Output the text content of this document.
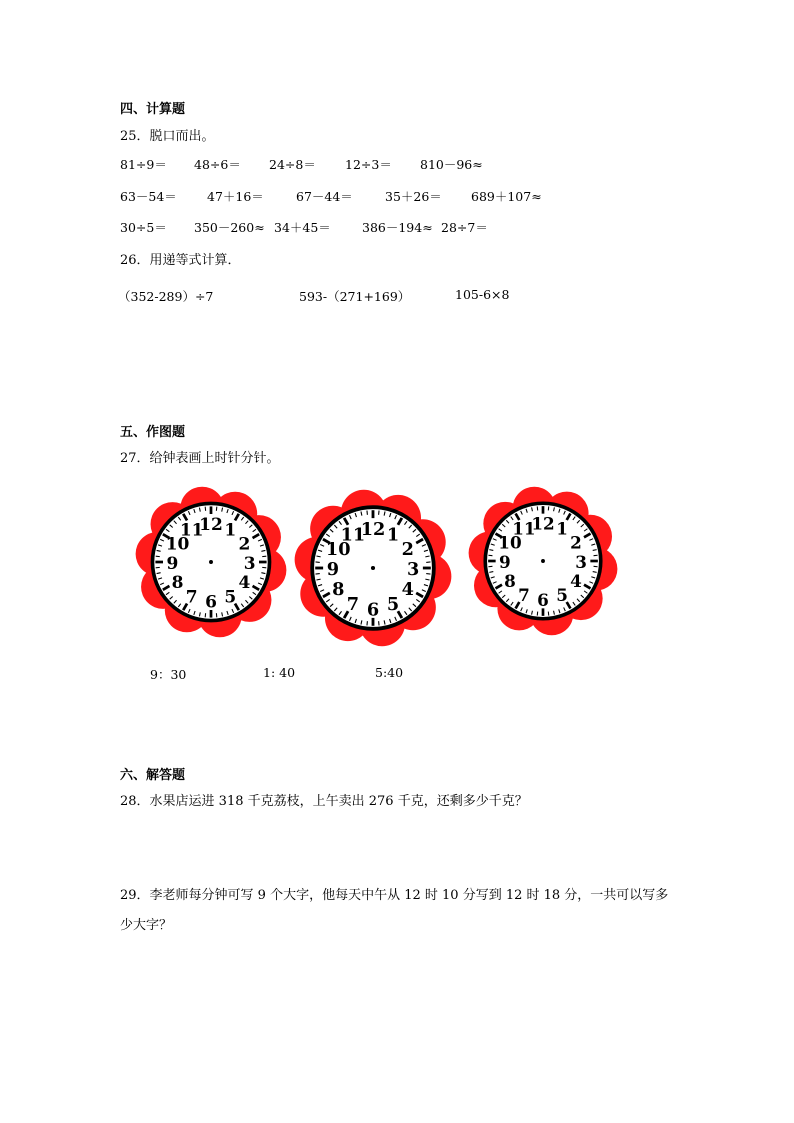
四、计算题
25．脱口而出。
81÷9＝ 48÷6＝ 24÷8＝ 12÷3＝ 810－96≈
63－54＝ 47＋16＝	67－44＝	35＋26＝ 689＋107≈
30÷5＝ 350－260≈ 34＋45＝ 386－194≈ 28÷7＝
26．用递等式计算．
（352-289）÷7	593-（271+169）	105-6×8
五、作图题
27．给钟表画上时针分针。
12 1
2
3
4
5
6
7
8
9
10
11	12 1
2
3
4
5
6
7
8
9
10
11
12 1
2
3
4
5
6
7
8
9
10
11
9：30	1: 40	5:40
六、解答题
28．水果店运进 318 千克荔枝，上午卖出 276 千克，还剩多少千克？
29．李老师每分钟可写 9 个大字，他每天中午从 12 时 10 分写到 12 时 18 分，一共可以写多
少大字？
